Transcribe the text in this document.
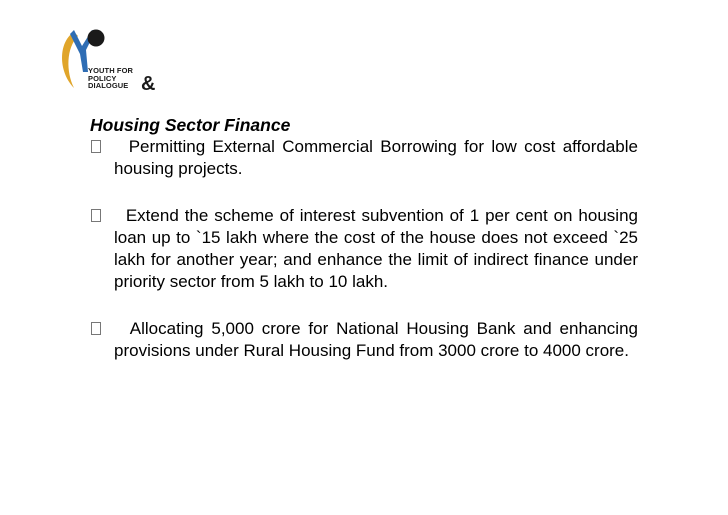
YOUTH FOR
POLICY
DIALOGUE &
Housing Sector Finance
Permitting External Commercial Borrowing for low cost affordable housing projects.
Extend the scheme of interest subvention of 1 per cent on housing loan up to `15 lakh where the cost of the house does not exceed `25 lakh for another year; and enhance the limit of indirect finance under priority sector from 5 lakh to 10 lakh.
Allocating 5,000 crore for National Housing Bank and enhancing provisions under Rural Housing Fund from 3000 crore to 4000 crore.
